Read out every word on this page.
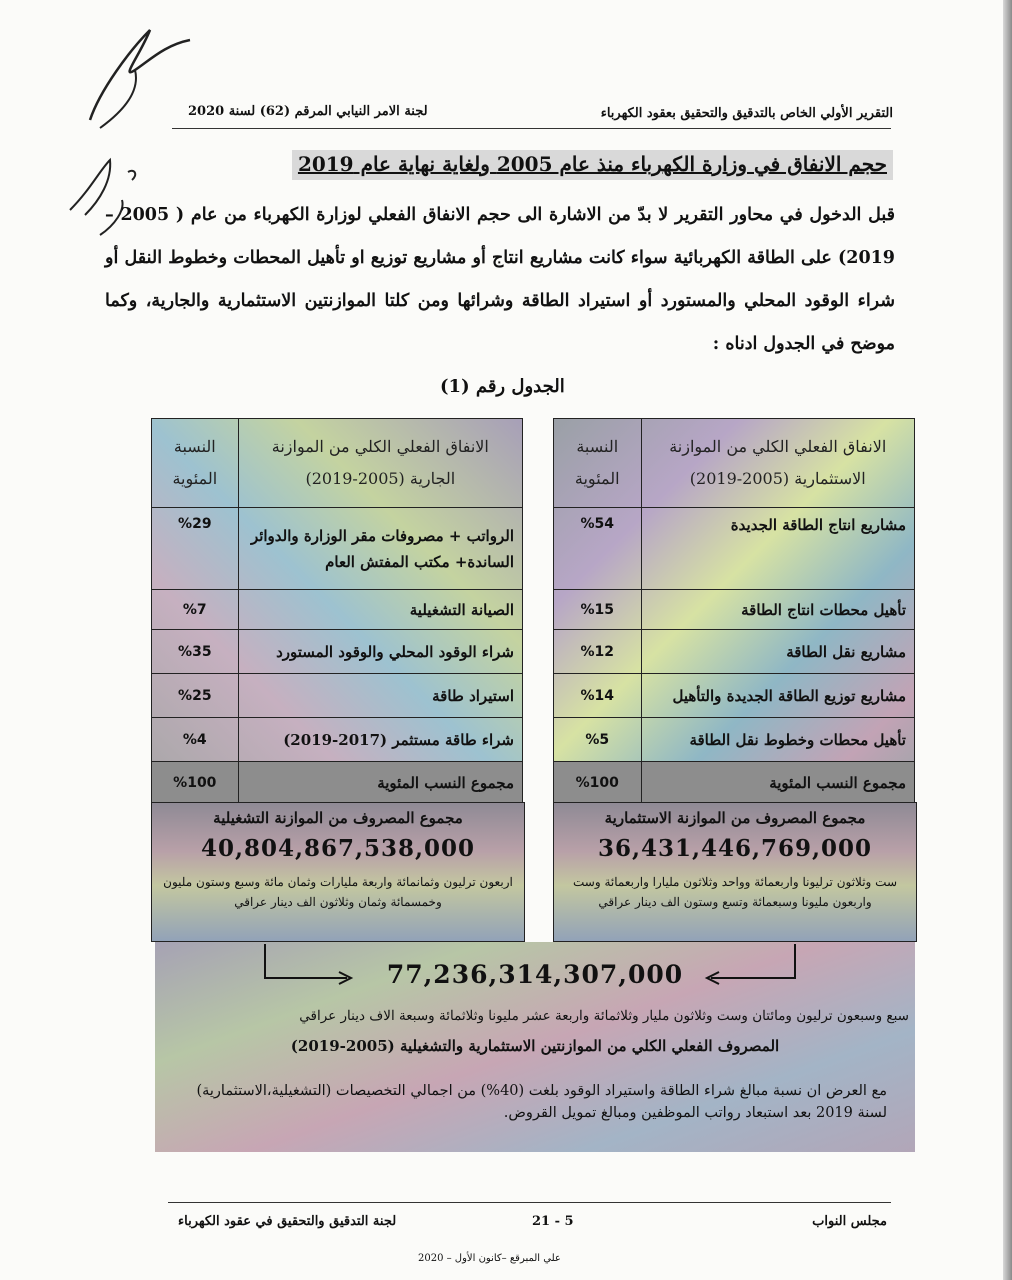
التقرير الأولي الخاص بالتدقيق والتحقيق بعقود الكهرباء
لجنة الامر النيابي المرقم (62) لسنة 2020
حجم الانفاق في وزارة الكهرباء منذ عام 2005 ولغاية نهاية عام 2019
قبل الدخول في محاور التقرير لا بدّ من الاشارة الى حجم الانفاق الفعلي لوزارة الكهرباء من عام ( 2005 – 2019) على الطاقة الكهربائية سواء كانت مشاريع انتاج أو مشاريع توزيع او تأهيل المحطات وخطوط النقل أو شراء الوقود المحلي والمستورد أو استيراد الطاقة وشرائها ومن كلتا الموازنتين الاستثمارية والجارية، وكما موضح في الجدول ادناه :
الجدول رقم (1)
الانفاق الفعلي الكلي من الموازنة الاستثمارية (2005-2019)	النسبة المئوية
مشاريع انتاج الطاقة الجديدة	%54
تأهيل محطات انتاج الطاقة	%15
مشاريع نقل الطاقة	%12
مشاريع توزيع الطاقة الجديدة والتأهيل	%14
تأهيل محطات وخطوط نقل الطاقة	%5
مجموع النسب المئوية	%100
الانفاق الفعلي الكلي من الموازنة الجارية (2005-2019)	النسبة المئوية
الرواتب + مصروفات مقر الوزارة والدوائر الساندة+ مكتب المفتش العام	%29
الصيانة التشغيلية	%7
شراء الوقود المحلي والوقود المستورد	%35
استيراد طاقة	%25
شراء طاقة مستثمر (2017-2019)	%4
مجموع النسب المئوية	%100
مجموع المصروف من الموازنة الاستثمارية
36,431,446,769,000
ست وثلاثون ترليونا واربعمائة وواحد وثلاثون مليارا واربعمائة وست واربعون مليونا وسبعمائة وتسع وستون الف دينار عراقي
مجموع المصروف من الموازنة التشغيلية
40,804,867,538,000
اربعون ترليون وثمانمائة واربعة مليارات وثمان مائة وسبع وستون مليون وخمسمائة وثمان وثلاثون الف دينار عراقي
77,236,314,307,000
سبع وسبعون ترليون ومائتان وست وثلاثون مليار وثلاثمائة واربعة عشر مليونا وثلاثمائة وسبعة الاف دينار عراقي
المصروف الفعلي الكلي من الموازنتين الاستثمارية والتشغيلية (2005-2019)
مع العرض ان نسبة مبالغ شراء الطاقة واستيراد الوقود بلغت (40%) من اجمالي التخصيصات (التشغيلية،الاستثمارية) لسنة 2019 بعد استبعاد رواتب الموظفين ومبالغ تمويل القروض.
مجلس النواب
21 - 5
لجنة التدقيق والتحقيق في عقود الكهرباء
علي المبرقع –كانون الأول – 2020
